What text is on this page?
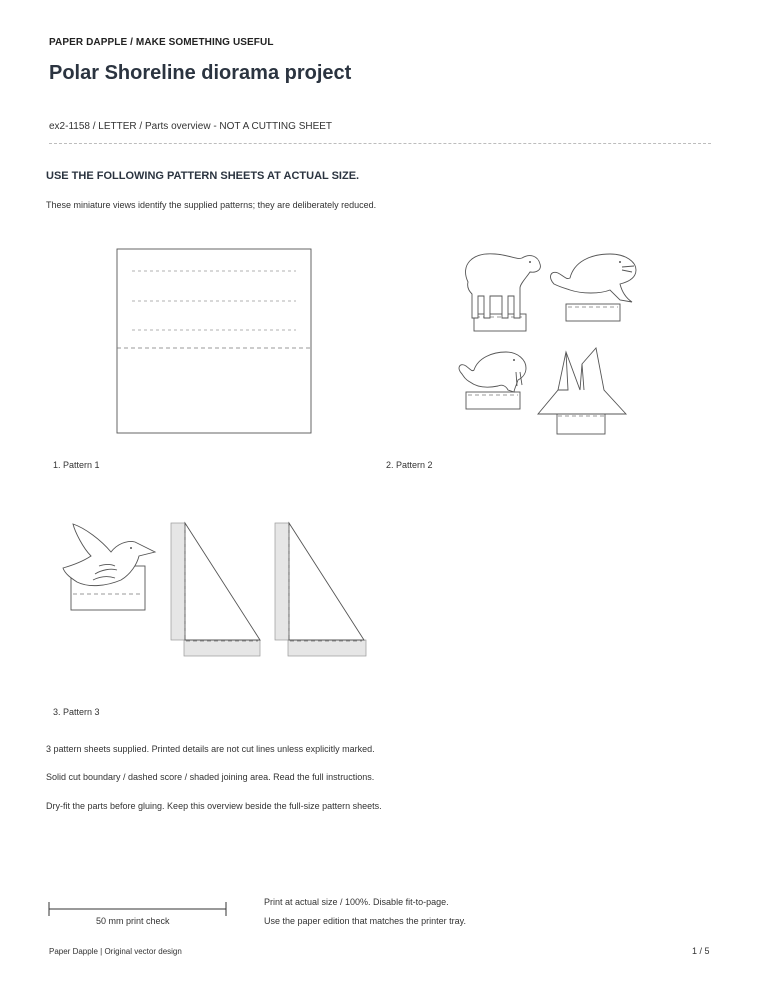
PAPER DAPPLE / MAKE SOMETHING USEFUL
Polar Shoreline diorama project
ex2-1158 / LETTER / Parts overview - NOT A CUTTING SHEET
USE THE FOLLOWING PATTERN SHEETS AT ACTUAL SIZE.
These miniature views identify the supplied patterns; they are deliberately reduced.
1. Pattern 1	2. Pattern 2
3. Pattern 3
3 pattern sheets supplied. Printed details are not cut lines unless explicitly marked.
Solid cut boundary / dashed score / shaded joining area. Read the full instructions.
Dry-fit the parts before gluing. Keep this overview beside the full-size pattern sheets.
50 mm print check
Print at actual size / 100%. Disable fit-to-page.
Use the paper edition that matches the printer tray.
Paper Dapple | Original vector design	1 / 5
